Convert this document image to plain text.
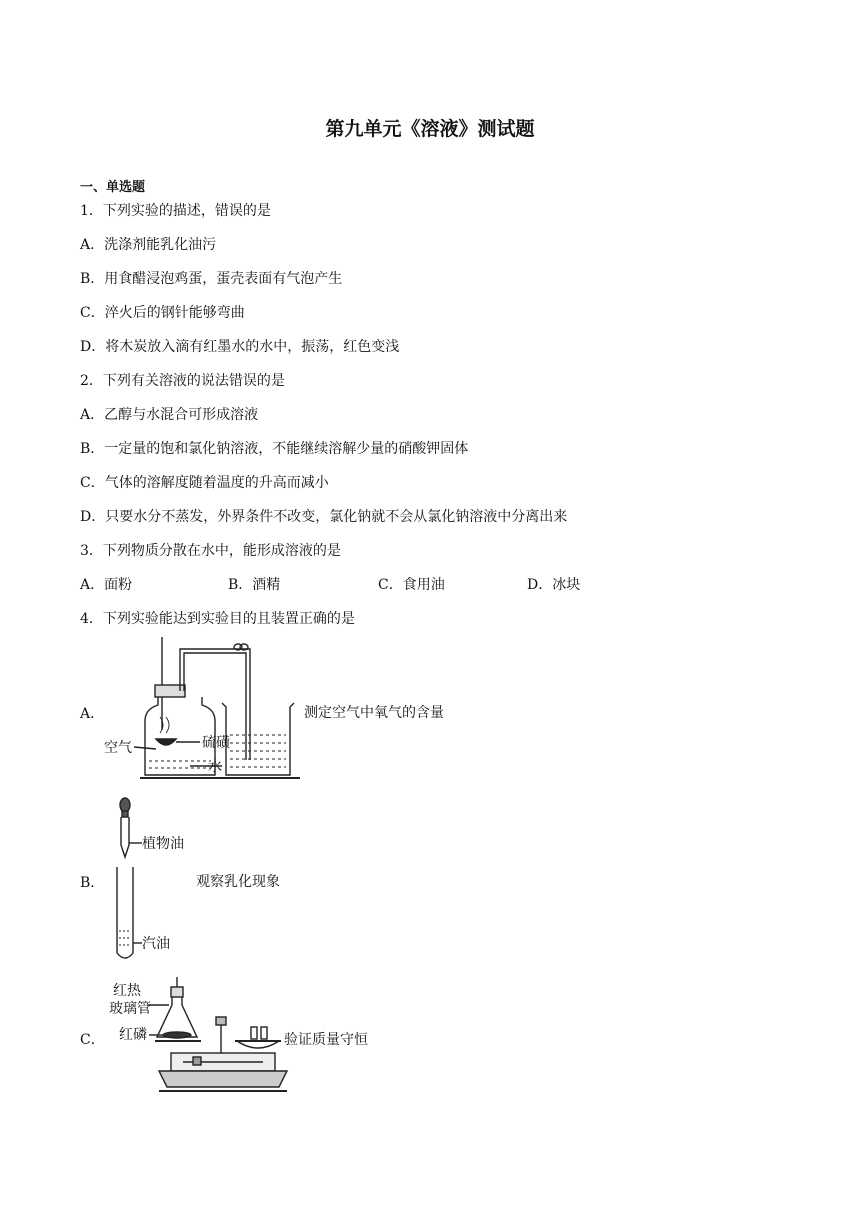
第九单元《溶液》测试题
一、单选题
1．下列实验的描述，错误的是
A．洗涤剂能乳化油污
B．用食醋浸泡鸡蛋，蛋壳表面有气泡产生
C．淬火后的钢针能够弯曲
D．将木炭放入滴有红墨水的水中，振荡，红色变浅
2．下列有关溶液的说法错误的是
A．乙醇与水混合可形成溶液
B．一定量的饱和氯化钠溶液，不能继续溶解少量的硝酸钾固体
C．气体的溶解度随着温度的升高而减小
D．只要水分不蒸发，外界条件不改变，氯化钠就不会从氯化钠溶液中分离出来
3．下列物质分散在水中，能形成溶液的是
A．面粉	B．酒精	C．食用油	D．冰块
4．下列实验能达到实验目的且装置正确的是
A．
空气	硫磺
水
测定空气中氧气的含量
B．
植物油
汽油
观察乳化现象
C．
红热
玻璃管
红磷	验证质量守恒
